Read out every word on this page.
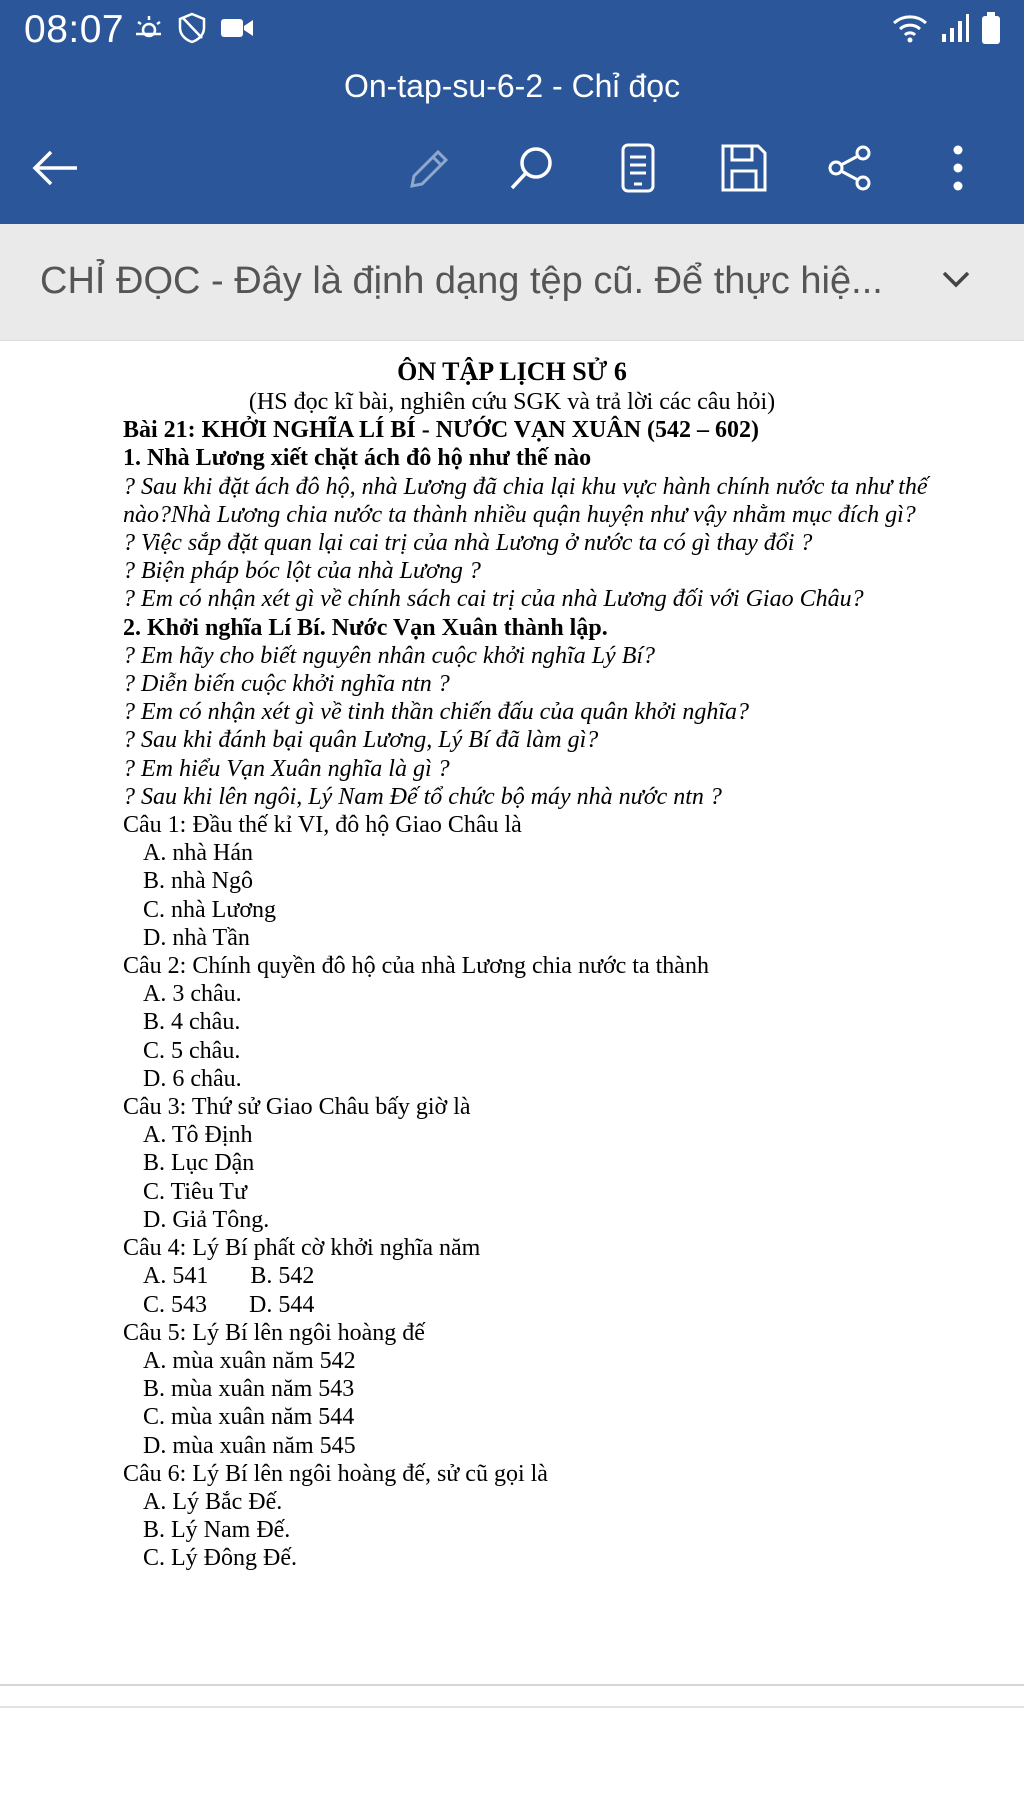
08:07
On-tap-su-6-2 - Chỉ đọc
CHỈ ĐỌC - Đây là định dạng tệp cũ. Để thực hiệ...
ÔN TẬP LỊCH SỬ 6
(HS đọc kĩ bài, nghiên cứu SGK và trả lời các câu hỏi)
Bài 21: KHỞI NGHĨA LÍ BÍ - NƯỚC VẠN XUÂN (542 – 602)
1. Nhà Lương xiết chặt ách đô hộ như thế nào
? Sau khi đặt ách đô hộ, nhà Lương đã chia lại khu vực hành chính nước ta như thế
nào?Nhà Lương chia nước ta thành nhiều quận huyện như vậy nhằm mục đích gì?
? Việc sắp đặt quan lại cai trị của nhà Lương ở nước ta có gì thay đổi ?
? Biện pháp bóc lột của nhà Lương ?
? Em có nhận xét gì về chính sách cai trị của nhà Lương đối với Giao Châu?
2. Khởi nghĩa Lí Bí. Nước Vạn Xuân thành lập.
? Em hãy cho biết nguyên nhân cuộc khởi nghĩa Lý Bí?
? Diễn biến cuộc khởi nghĩa ntn ?
? Em có nhận xét gì về tinh thần chiến đấu của quân khởi nghĩa?
? Sau khi đánh bại quân Lương, Lý Bí đã làm gì?
? Em hiểu Vạn Xuân nghĩa là gì ?
? Sau khi lên ngôi, Lý Nam Đế tổ chức bộ máy nhà nước ntn ?
Câu 1: Đầu thế kỉ VI, đô hộ Giao Châu là
A. nhà Hán
B. nhà Ngô
C. nhà Lương
D. nhà Tần
Câu 2: Chính quyền đô hộ của nhà Lương chia nước ta thành
A. 3 châu.
B. 4 châu.
C. 5 châu.
D. 6 châu.
Câu 3: Thứ sử Giao Châu bấy giờ là
A. Tô Định
B. Lục Dận
C. Tiêu Tư
D. Giả Tông.
Câu 4: Lý Bí phất cờ khởi nghĩa năm
A. 541       B. 542
C. 543       D. 544
Câu 5: Lý Bí lên ngôi hoàng đế
A. mùa xuân năm 542
B. mùa xuân năm 543
C. mùa xuân năm 544
D. mùa xuân năm 545
Câu 6: Lý Bí lên ngôi hoàng đế, sử cũ gọi là
A. Lý Bắc Đế.
B. Lý Nam Đế.
C. Lý Đông Đế.
